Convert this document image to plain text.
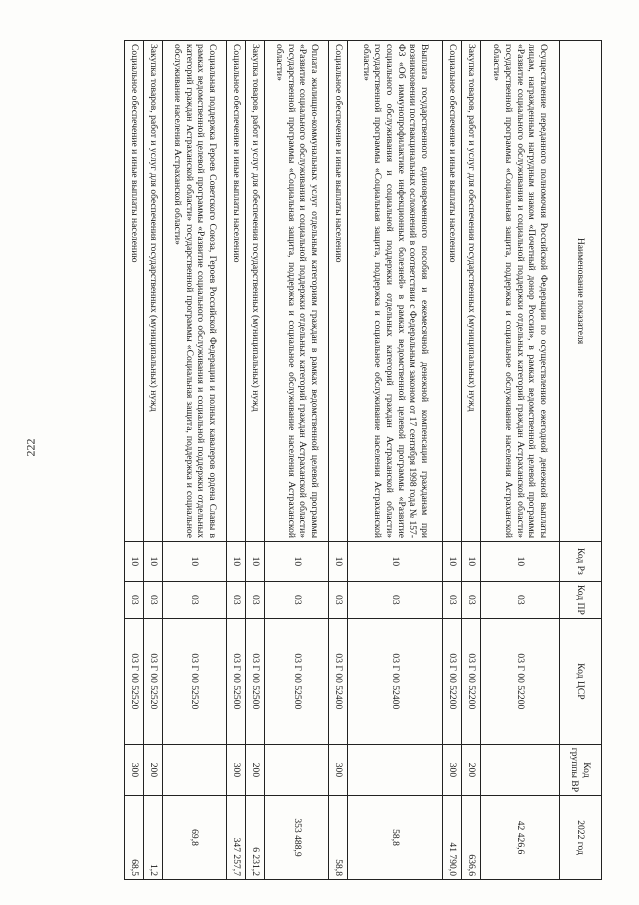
222
Наименование показателя	Код Рз	Код ПР	Код ЦСР	Код группы ВР	2022 год
Осуществление переданного полномочия Российской Федерации по осуществлению ежегодной денежной выплаты лицам, награжденным нагрудным знаком «Почетный донор России», в рамках ведомственной целевой программы «Развитие социального обслуживания и социальной поддержки отдельных категорий граждан Астраханской области» государственной программы «Социальная защита, поддержка и социальное обслуживание населения Астраханской области»	10	03	03 Г 00 52200		42 426,6
Закупка товаров, работ и услуг для обеспечения государственных (муниципальных) нужд	10	03	03 Г 00 52200	200	636,6
Социальное обеспечение и иные выплаты населению	10	03	03 Г 00 52200	300	41 790,0
Выплата государственного единовременного пособия и ежемесячной денежной компенсации гражданам при возникновении поствакцинальных осложнений в соответствии с Федеральным законом от 17 сентября 1998 года № 157-ФЗ «Об иммунопрофилактике инфекционных болезней» в рамках ведомственной целевой программы «Развитие социального обслуживания и социальной поддержки отдельных категорий граждан Астраханской области» государственной программы «Социальная защита, поддержка и социальное обслуживание населения Астраханской области»	10	03	03 Г 00 52400		58,8
Социальное обеспечение и иные выплаты населению	10	03	03 Г 00 52400	300	58,8
Оплата жилищно-коммунальных услуг отдельным категориям граждан в рамках ведомственной целевой программы «Развитие социального обслуживания и социальной поддержки отдельных категорий граждан Астраханской области» государственной программы «Социальная защита, поддержка и социальное обслуживание населения Астраханской области»	10	03	03 Г 00 52500		353 488,9
Закупка товаров, работ и услуг для обеспечения государственных (муниципальных) нужд	10	03	03 Г 00 52500	200	6 231,2
Социальное обеспечение и иные выплаты населению	10	03	03 Г 00 52500	300	347 257,7
Социальная поддержка Героев Советского Союза, Героев Российской Федерации и полных кавалеров ордена Славы в рамках ведомственной целевой программы «Развитие социального обслуживания и социальной поддержки отдельных категорий граждан Астраханской области» государственной программы «Социальная защита, поддержка и социальное обслуживание населения Астраханской области»	10	03	03 Г 00 52520		69,8
Закупка товаров, работ и услуг для обеспечения государственных (муниципальных) нужд	10	03	03 Г 00 52520	200	1,2
Социальное обеспечение и иные выплаты населению	10	03	03 Г 00 52520	300	68,5
